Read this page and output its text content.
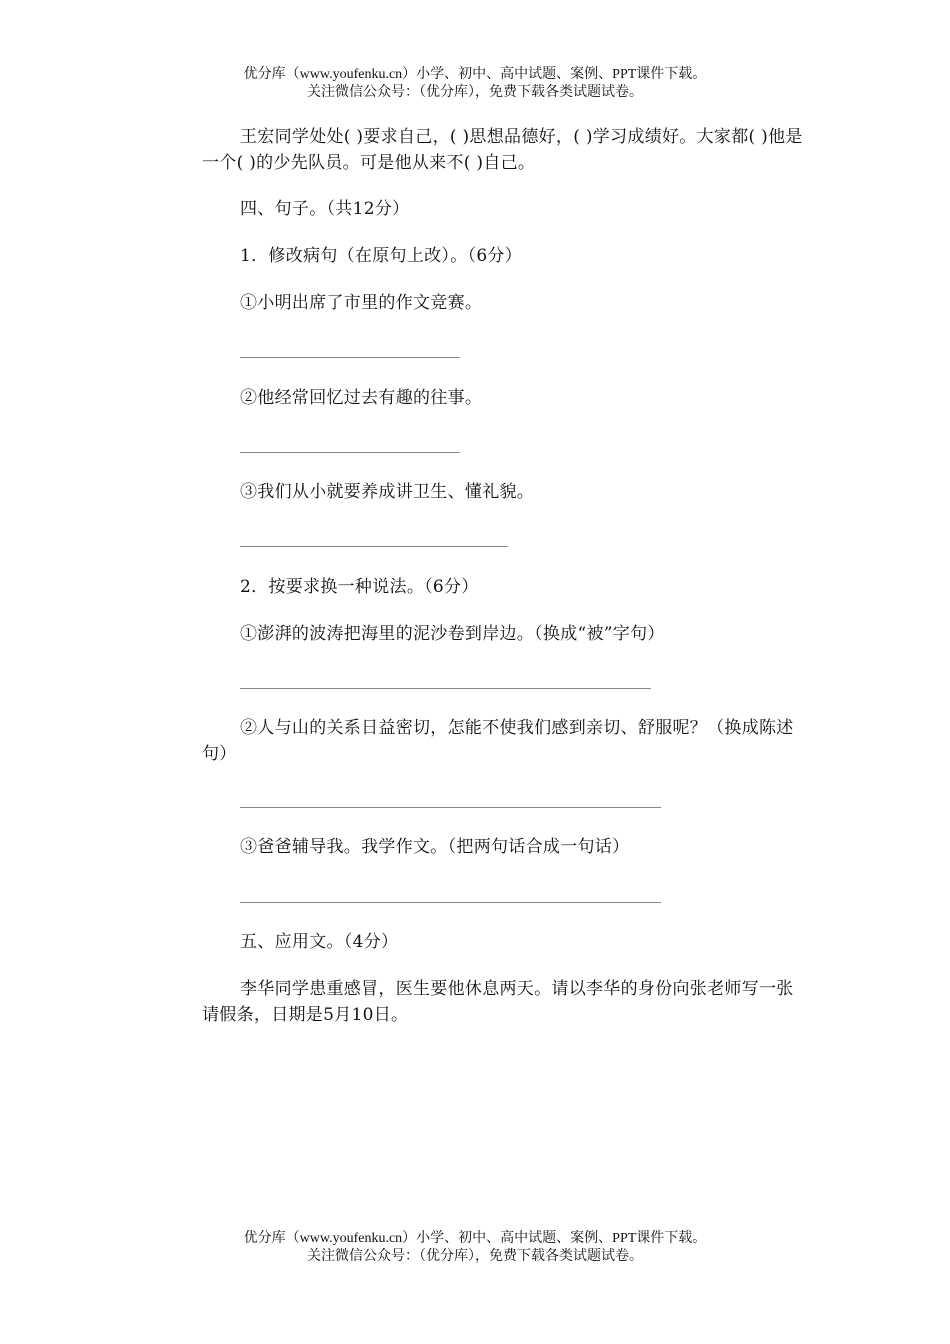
优分库（www.youfenku.cn）小学、初中、高中试题、案例、PPT课件下载。
关注微信公众号：（优分库），免费下载各类试题试卷。
王宏同学处处( )要求自己，( )思想品德好，( )学习成绩好。大家都( )他是一个( )的少先队员。可是他从来不( )自己。
四、句子。（共12分）
1．修改病句（在原句上改）。（6分）
①小明出席了市里的作文竞赛。
②他经常回忆过去有趣的往事。
③我们从小就要养成讲卫生、懂礼貌。
2．按要求换一种说法。（6分）
①澎湃的波涛把海里的泥沙卷到岸边。（换成“被”字句）
②人与山的关系日益密切，怎能不使我们感到亲切、舒服呢？（换成陈述句）
③爸爸辅导我。我学作文。（把两句话合成一句话）
五、应用文。（4分）
李华同学患重感冒，医生要他休息两天。请以李华的身份向张老师写一张请假条，日期是5月10日。
优分库（www.youfenku.cn）小学、初中、高中试题、案例、PPT课件下载。
关注微信公众号：（优分库），免费下载各类试题试卷。
